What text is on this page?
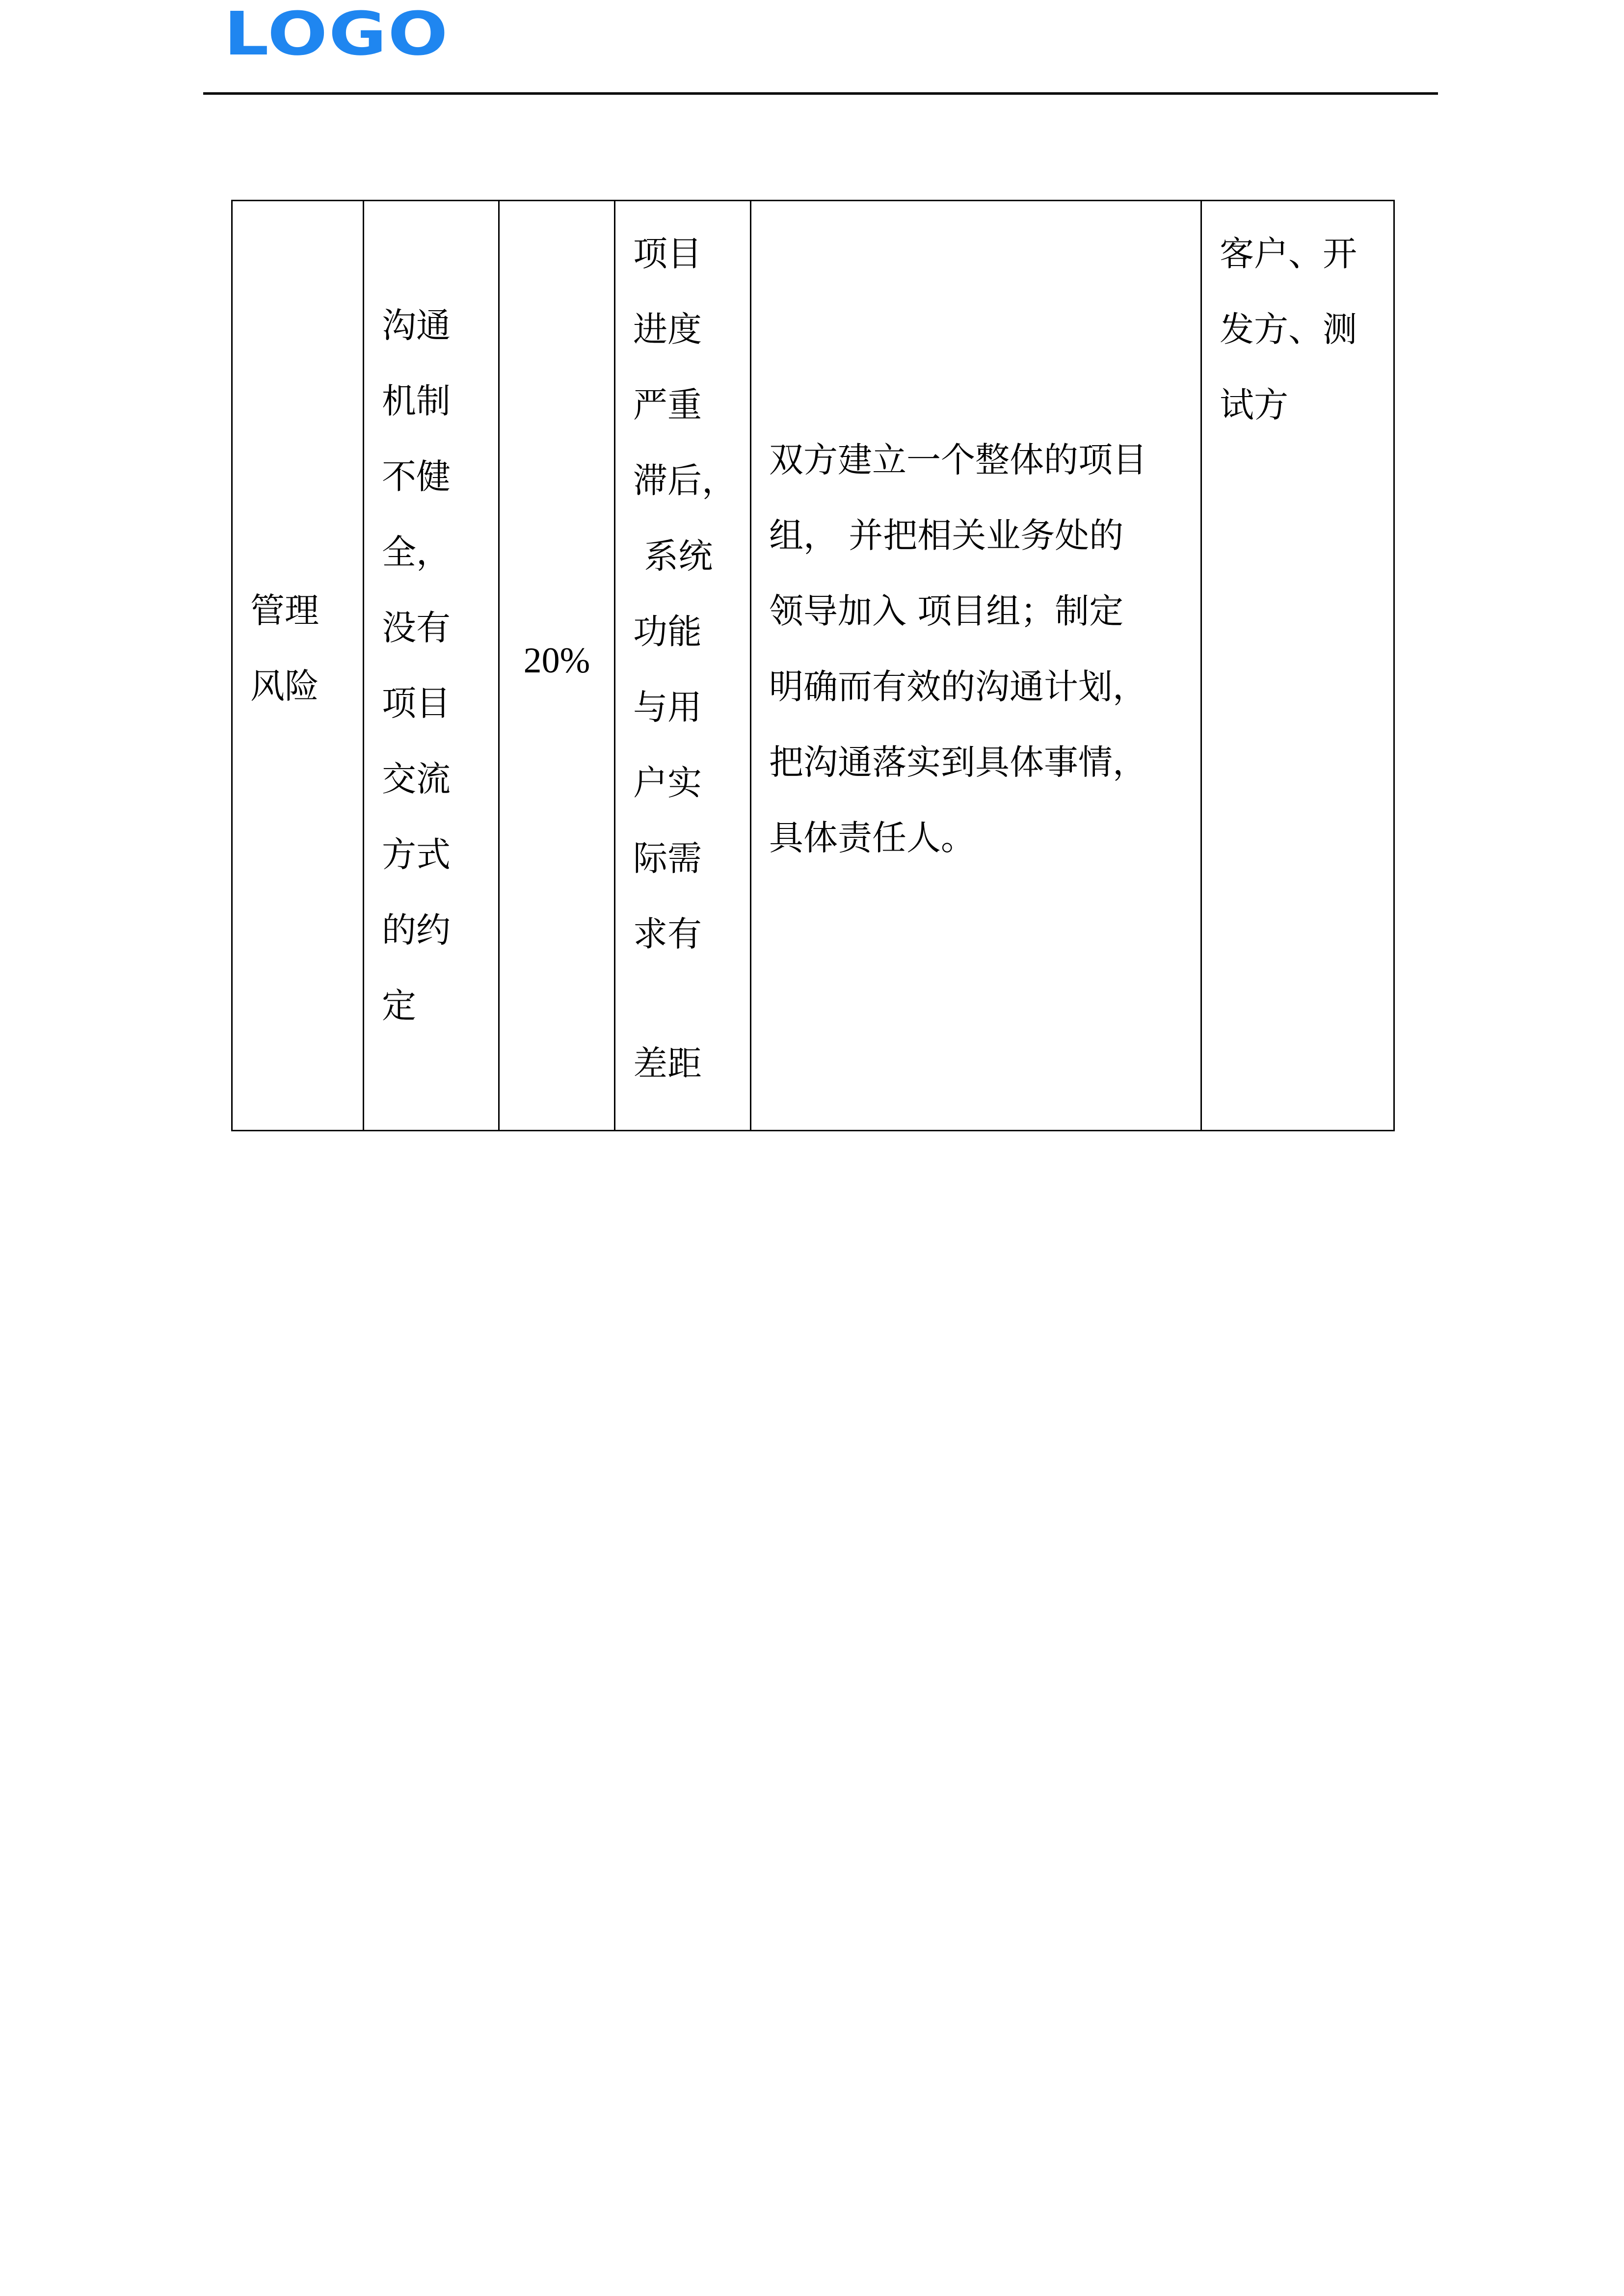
LOGO
管理
风险

沟通
机制
不健
全，
没有
项目
交流
方式
的约
定

20%

项目
进度
严重
滞后，
系统
功能
与用
户实
际需
求有
差距

双方建立一个整体的项目
组， 并把相关业务处的
领导加入 项目组；制定
明确而有效的沟通计划，
把沟通落实到具体事情，
具体责任人。

客户、开
发方、测
试方
